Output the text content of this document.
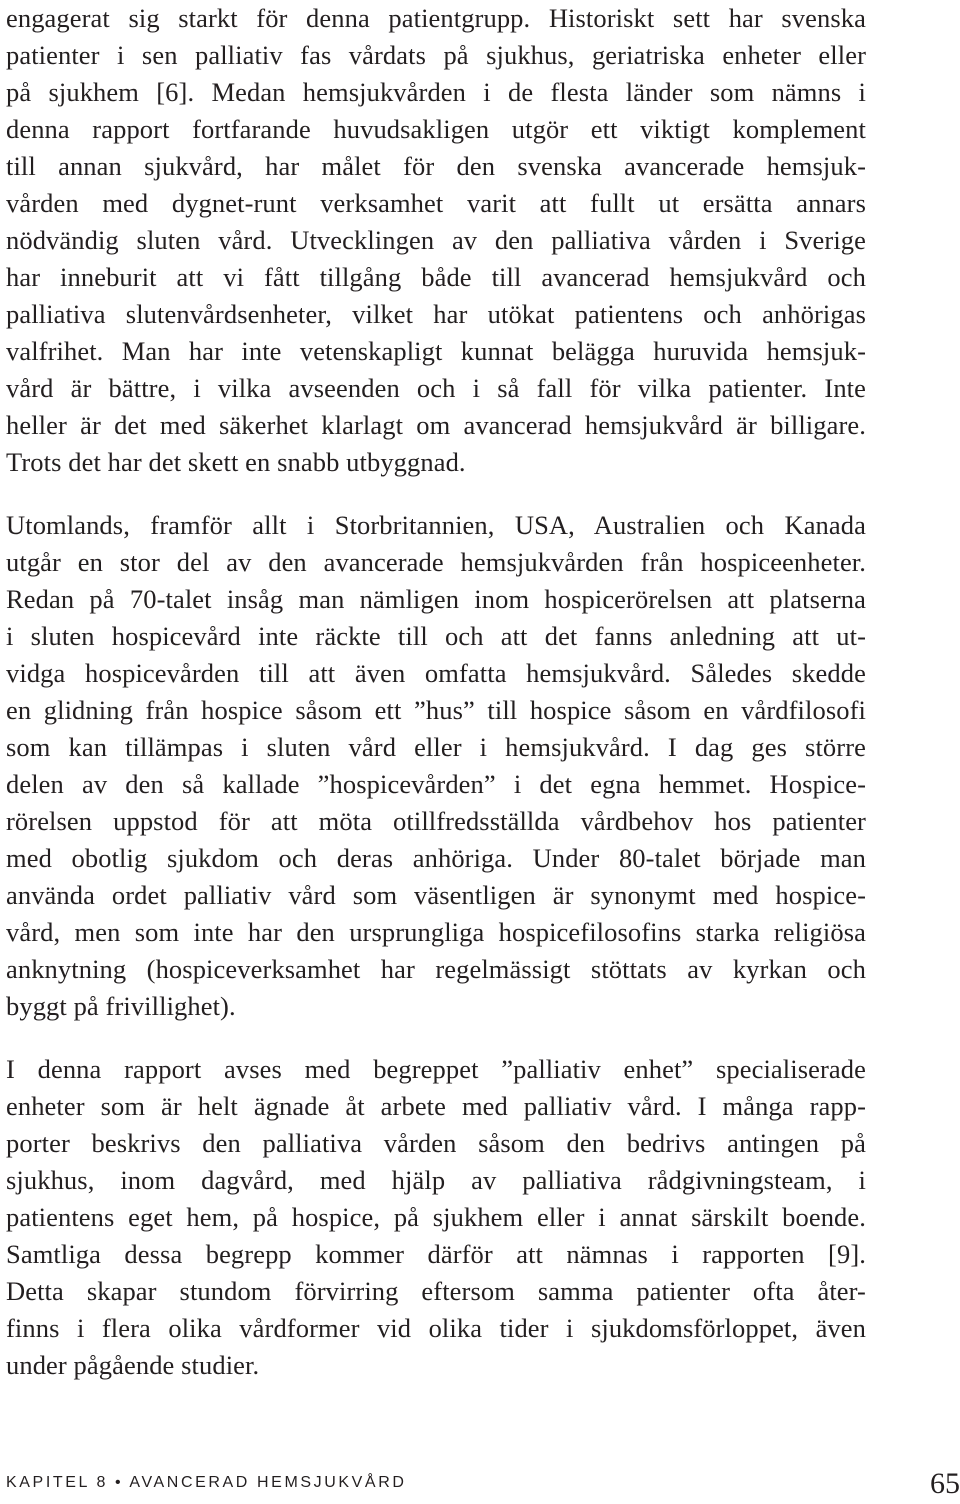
engagerat sig starkt för denna patientgrupp. Historiskt sett har svenska
patienter i sen palliativ fas vårdats på sjukhus, geriatriska enheter eller
på sjukhem [6]. Medan hemsjukvården i de flesta länder som nämns i
denna rapport fortfarande huvudsakligen utgör ett viktigt komplement
till annan sjukvård, har målet för den svenska avancerade hemsjuk-
vården med dygnet-runt verksamhet varit att fullt ut ersätta annars
nödvändig sluten vård. Utvecklingen av den palliativa vården i Sverige
har inneburit att vi fått tillgång både till avancerad hemsjukvård och
palliativa slutenvårdsenheter, vilket har utökat patientens och anhörigas
valfrihet. Man har inte vetenskapligt kunnat belägga huruvida hemsjuk-
vård är bättre, i vilka avseenden och i så fall för vilka patienter. Inte
heller är det med säkerhet klarlagt om avancerad hemsjukvård är billigare.
Trots det har det skett en snabb utbyggnad.
Utomlands, framför allt i Storbritannien, USA, Australien och Kanada
utgår en stor del av den avancerade hemsjukvården från hospiceenheter.
Redan på 70-talet insåg man nämligen inom hospicerörelsen att platserna
i sluten hospicevård inte räckte till och att det fanns anledning att ut-
vidga hospicevården till att även omfatta hemsjukvård. Således skedde
en glidning från hospice såsom ett ”hus” till hospice såsom en vårdfilosofi
som kan tillämpas i sluten vård eller i hemsjukvård. I dag ges större
delen av den så kallade ”hospicevården” i det egna hemmet. Hospice-
rörelsen uppstod för att möta otillfredsställda vårdbehov hos patienter
med obotlig sjukdom och deras anhöriga. Under 80-talet började man
använda ordet palliativ vård som väsentligen är synonymt med hospice-
vård, men som inte har den ursprungliga hospicefilosofins starka religiösa
anknytning (hospiceverksamhet har regelmässigt stöttats av kyrkan och
byggt på frivillighet).
I denna rapport avses med begreppet ”palliativ enhet” specialiserade
enheter som är helt ägnade åt arbete med palliativ vård. I många rapp-
porter beskrivs den palliativa vården såsom den bedrivs antingen på
sjukhus, inom dagvård, med hjälp av palliativa rådgivningsteam, i
patientens eget hem, på hospice, på sjukhem eller i annat särskilt boende.
Samtliga dessa begrepp kommer därför att nämnas i rapporten [9].
Detta skapar stundom förvirring eftersom samma patienter ofta åter-
finns i flera olika vårdformer vid olika tider i sjukdomsförloppet, även
under pågående studier.
KAPITEL 8 • AVANCERAD HEMSJUKVÅRD	65
